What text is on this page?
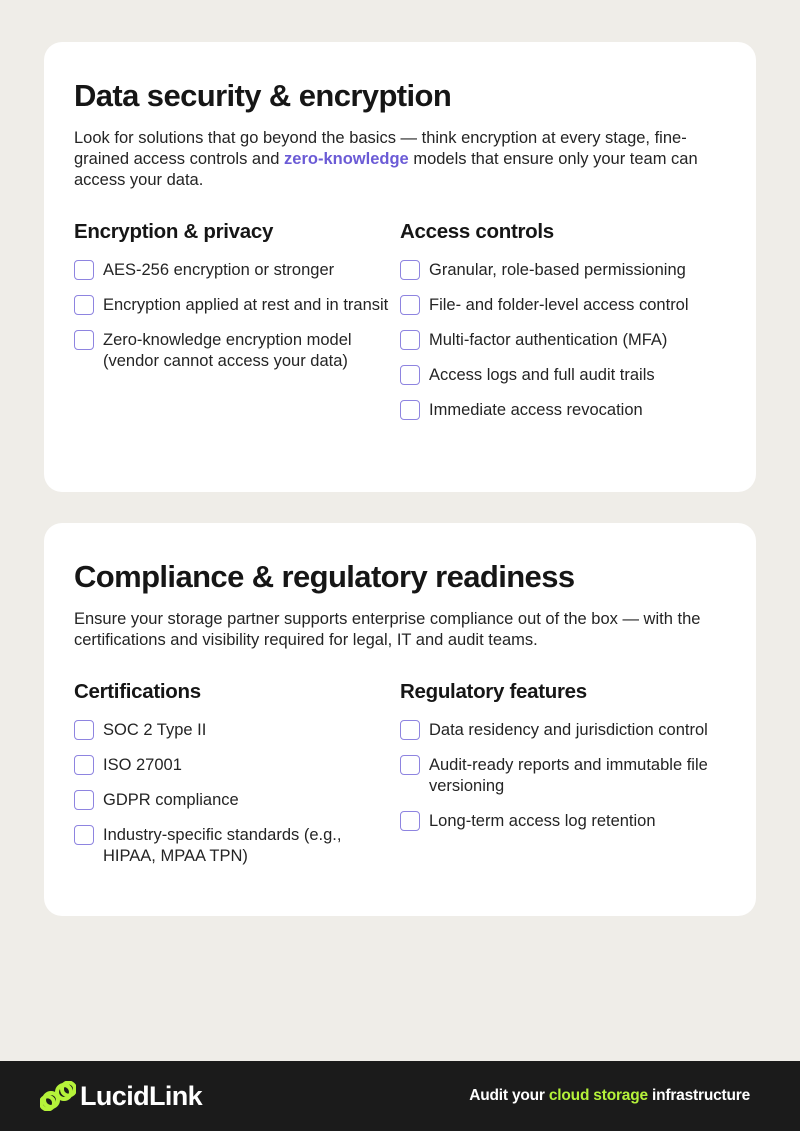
Data security & encryption

Look for solutions that go beyond the basics — think encryption at every stage, fine-grained access controls and zero-knowledge models that ensure only your team can access your data.

Encryption & privacy
AES-256 encryption or stronger
Encryption applied at rest and in transit
Zero-knowledge encryption model (vendor cannot access your data)
Access controls
Granular, role-based permissioning
File- and folder-level access control
Multi-factor authentication (MFA)
Access logs and full audit trails
Immediate access revocation
Compliance & regulatory readiness

Ensure your storage partner supports enterprise compliance out of the box — with the certifications and visibility required for legal, IT and audit teams.

Certifications
SOC 2 Type II
ISO 27001
GDPR compliance
Industry-specific standards (e.g., HIPAA, MPAA TPN)
Regulatory features
Data residency and jurisdiction control
Audit-ready reports and immutable file versioning
Long-term access log retention
LucidLink	Audit your cloud storage infrastructure
